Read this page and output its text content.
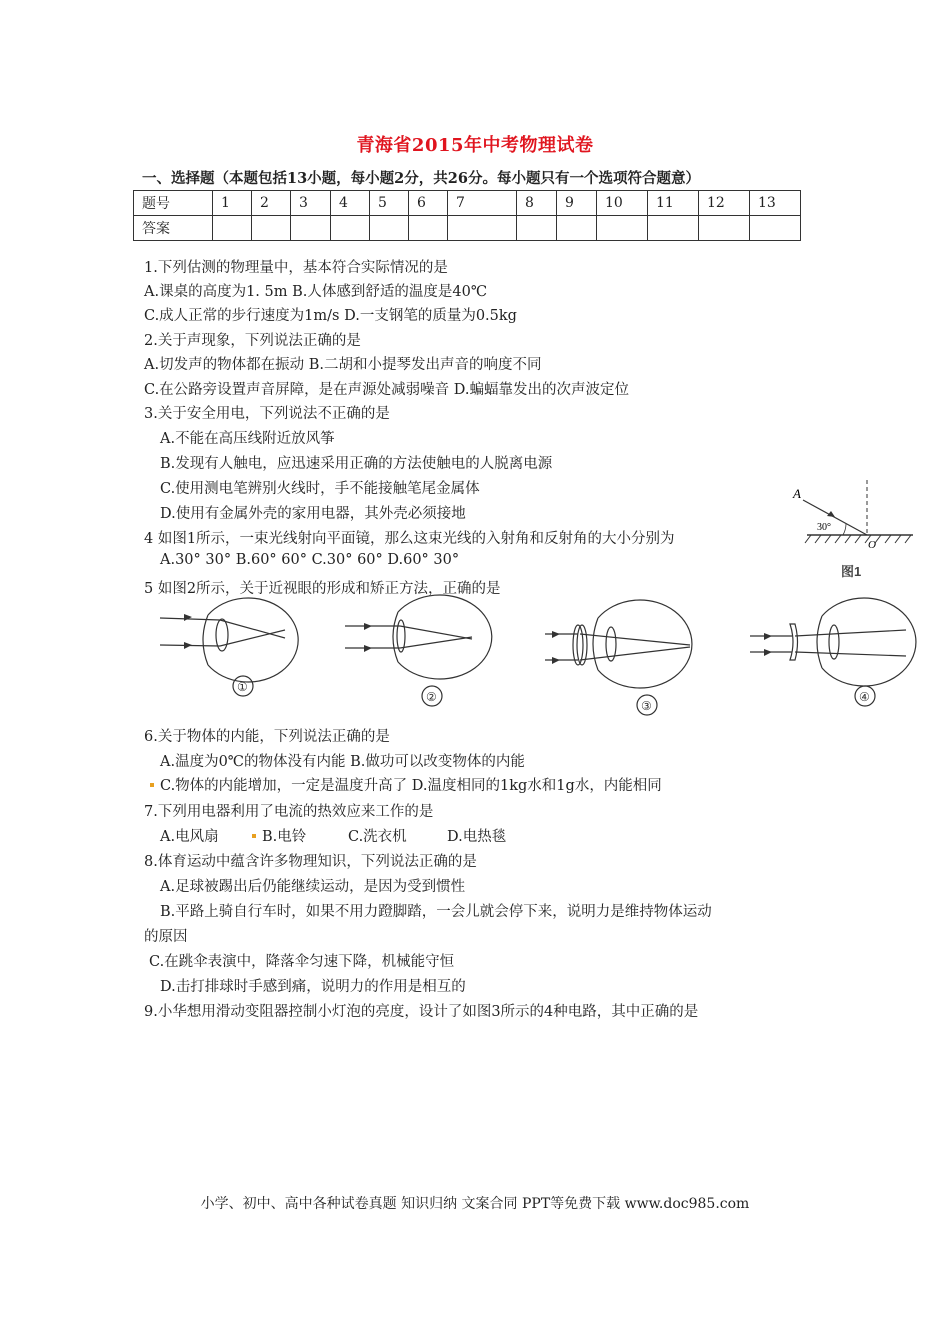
青海省2015年中考物理试卷
一、选择题（本题包括13小题，每小题2分，共26分。每小题只有一个选项符合题意）
题号	1	2	3	4	5	6	7	8	9	10	11	12	13
答案													
1.下列估测的物理量中，基本符合实际情况的是
A.课桌的高度为1. 5m B.人体感到舒适的温度是40℃
C.成人正常的步行速度为1m/s D.一支钢笔的质量为0.5kg
2.关于声现象，下列说法正确的是
A.切发声的物体都在振动 B.二胡和小提琴发出声音的响度不同
C.在公路旁设置声音屏障，是在声源处减弱噪音 D.蝙蝠靠发出的次声波定位
3.关于安全用电，下列说法不正确的是
A.不能在高压线附近放风筝
B.发现有人触电，应迅速采用正确的方法使触电的人脱离电源
C.使用测电笔辨别火线时，手不能接触笔尾金属体
D.使用有金属外壳的家用电器，其外壳必须接地
4 如图1所示，一束光线射向平面镜，那么这束光线的入射角和反射角的大小分别为
A.30° 30° B.60° 60° C.30° 60° D.60° 30°
5 如图2所示，关于近视眼的形成和矫正方法，正确的是
A
30°
O
图1
①
②
③
④
6.关于物体的内能，下列说法正确的是
A.温度为0℃的物体没有内能 B.做功可以改变物体的内能
C.物体的内能增加，一定是温度升高了 D.温度相同的1kg水和1g水，内能相同
7.下列用电器利用了电流的热效应来工作的是
A.电风扇	B.电铃	C.洗衣机	D.电热毯
8.体育运动中蕴含许多物理知识，下列说法正确的是
A.足球被踢出后仍能继续运动，是因为受到惯性
B.平路上骑自行车时，如果不用力蹬脚踏，一会儿就会停下来，说明力是维持物体运动
的原因
C.在跳伞表演中，降落伞匀速下降，机械能守恒
D.击打排球时手感到痛，说明力的作用是相互的
9.小华想用滑动变阻器控制小灯泡的亮度，设计了如图3所示的4种电路，其中正确的是
小学、初中、高中各种试卷真题 知识归纳 文案合同 PPT等免费下载 www.doc985.com
